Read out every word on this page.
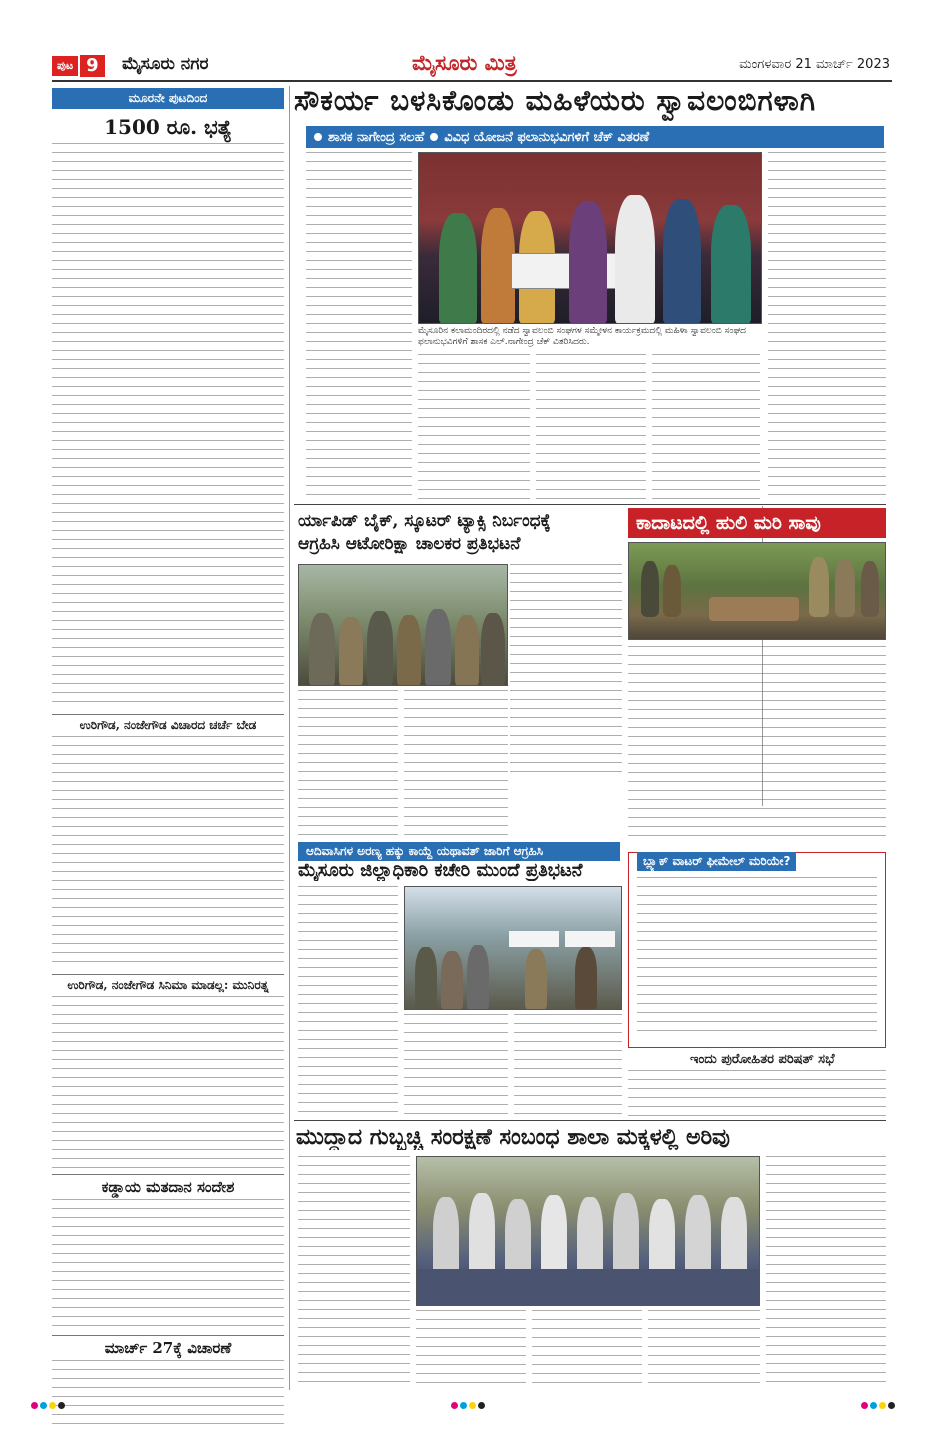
ಪುಟ 9	ಮೈಸೂರು ನಗರ	ಮೈಸೂರು ಮಿತ್ರ	ಮಂಗಳವಾರ 21 ಮಾರ್ಚ್ 2023
ಮೂರನೇ ಪುಟದಿಂದ
1500 ರೂ. ಭತ್ಯೆ
ಉರಿಗೌಡ, ನಂಜೇಗೌಡ ವಿಚಾರದ ಚರ್ಚೆ ಬೇಡ
ಉರಿಗೌಡ, ನಂಜೇಗೌಡ ಸಿನಿಮಾ ಮಾಡಲ್ಲ: ಮುನಿರತ್ನ
ಕಡ್ಡಾಯ ಮತದಾನ ಸಂದೇಶ
ಮಾರ್ಚ್ 27ಕ್ಕೆ ವಿಚಾರಣೆ
ಸೌಕರ್ಯ ಬಳಸಿಕೊಂಡು ಮಹಿಳೆಯರು ಸ್ವಾವಲಂಬಿಗಳಾಗಿ
ಶಾಸಕ ನಾಗೇಂದ್ರ ಸಲಹೆ ವಿವಿಧ ಯೋಜನೆ ಫಲಾನುಭವಿಗಳಿಗೆ ಚೆಕ್ ವಿತರಣೆ
ಮೈಸೂರಿನ ಕಲಾಮಂದಿರದಲ್ಲಿ ನಡೆದ ಸ್ವಾವಲಂಬಿ ಸಂಘಗಳ ಸಮ್ಮೇಳನ ಕಾರ್ಯಕ್ರಮದಲ್ಲಿ ಮಹಿಳಾ ಸ್ವಾವಲಂಬಿ ಸಂಘದ ಫಲಾನುಭವಿಗಳಿಗೆ ಶಾಸಕ ಎಲ್.ನಾಗೇಂದ್ರ ಚೆಕ್ ವಿತರಿಸಿದರು.
ರ್ಯಾಪಿಡ್ ಬೈಕ್, ಸ್ಕೂಟರ್ ಟ್ಯಾಕ್ಸಿ ನಿರ್ಬಂಧಕ್ಕೆ
ಆಗ್ರಹಿಸಿ ಆಟೋರಿಕ್ಷಾ ಚಾಲಕರ ಪ್ರತಿಭಟನೆ
ಕಾದಾಟದಲ್ಲಿ ಹುಲಿ ಮರಿ ಸಾವು
ಬ್ಲ್ಯಾಕ್ ವಾಟರ್ ಫೀಮೇಲ್ ಮರಿಯೇ?
ಇಂದು ಪುರೋಹಿತರ ಪರಿಷತ್ ಸಭೆ
ಆದಿವಾಸಿಗಳ ಅರಣ್ಯ ಹಕ್ಕು ಕಾಯ್ದೆ ಯಥಾವತ್ ಜಾರಿಗೆ ಆಗ್ರಹಿಸಿ
ಮೈಸೂರು ಜಿಲ್ಲಾಧಿಕಾರಿ ಕಚೇರಿ ಮುಂದೆ ಪ್ರತಿಭಟನೆ
ಮುದ್ದಾದ ಗುಬ್ಬಚ್ಚಿ ಸಂರಕ್ಷಣೆ ಸಂಬಂಧ ಶಾಲಾ ಮಕ್ಕಳಲ್ಲಿ ಅರಿವು
